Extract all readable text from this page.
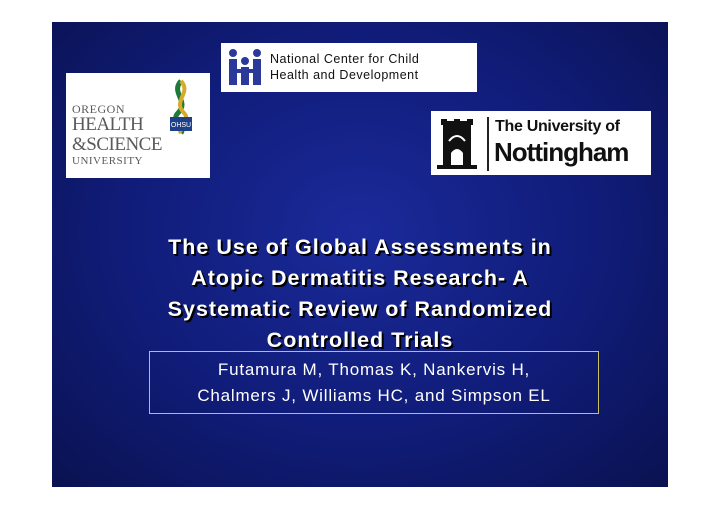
National Center for Child
Health and Development
OHSU
OREGON
HEALTH
&SCIENCE
UNIVERSITY
The University of
Nottingham
The Use of Global Assessments in
Atopic Dermatitis Research- A
Systematic Review of Randomized
Controlled Trials
Futamura M, Thomas K, Nankervis H,
Chalmers J, Williams HC, and Simpson EL
